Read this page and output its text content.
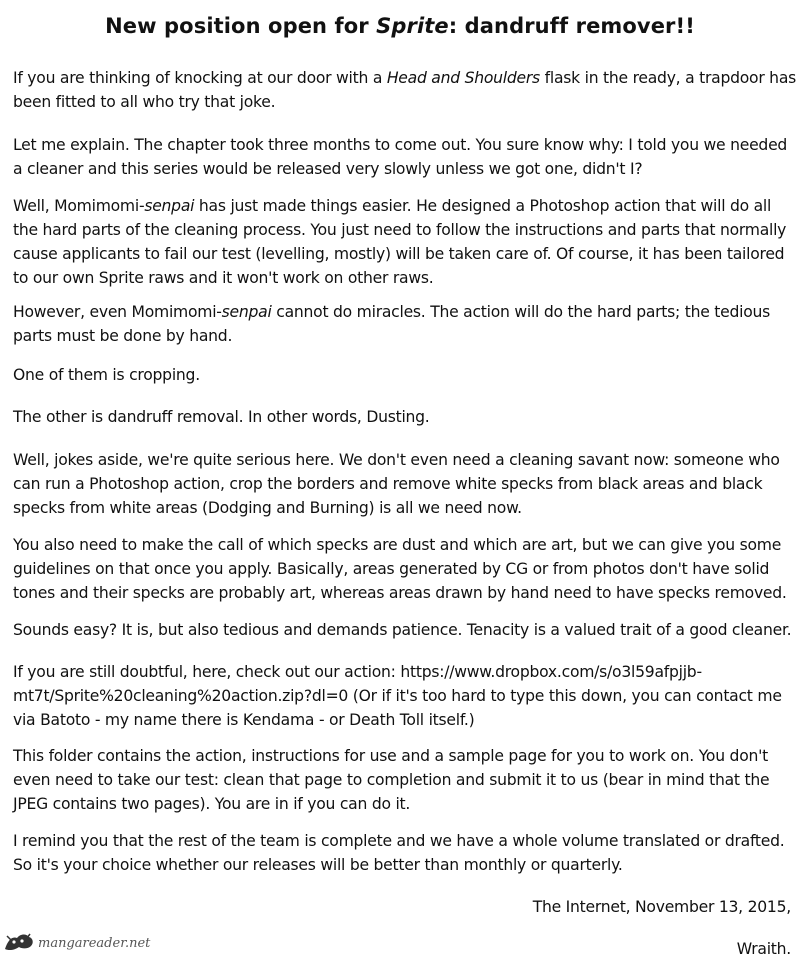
New position open for Sprite: dandruff remover!!
If you are thinking of knocking at our door with a Head and Shoulders flask in the ready, a trapdoor has
been fitted to all who try that joke.
Let me explain. The chapter took three months to come out. You sure know why: I told you we needed
a cleaner and this series would be released very slowly unless we got one, didn't I?
Well, Momimomi-senpai has just made things easier. He designed a Photoshop action that will do all
the hard parts of the cleaning process. You just need to follow the instructions and parts that normally
cause applicants to fail our test (levelling, mostly) will be taken care of. Of course, it has been tailored
to our own Sprite raws and it won't work on other raws.
However, even Momimomi-senpai cannot do miracles. The action will do the hard parts; the tedious
parts must be done by hand.
One of them is cropping.
The other is dandruff removal. In other words, Dusting.
Well, jokes aside, we're quite serious here. We don't even need a cleaning savant now: someone who
can run a Photoshop action, crop the borders and remove white specks from black areas and black
specks from white areas (Dodging and Burning) is all we need now.
You also need to make the call of which specks are dust and which are art, but we can give you some
guidelines on that once you apply. Basically, areas generated by CG or from photos don't have solid
tones and their specks are probably art, whereas areas drawn by hand need to have specks removed.
Sounds easy? It is, but also tedious and demands patience. Tenacity is a valued trait of a good cleaner.
If you are still doubtful, here, check out our action: https://www.dropbox.com/s/o3l59afpjjb-
mt7t/Sprite%20cleaning%20action.zip?dl=0 (Or if it's too hard to type this down, you can contact me
via Batoto - my name there is Kendama - or Death Toll itself.)
This folder contains the action, instructions for use and a sample page for you to work on. You don't
even need to take our test: clean that page to completion and submit it to us (bear in mind that the
JPEG contains two pages). You are in if you can do it.
I remind you that the rest of the team is complete and we have a whole volume translated or drafted.
So it's your choice whether our releases will be better than monthly or quarterly.
The Internet, November 13, 2015,
Wraith.
mangareader.net
